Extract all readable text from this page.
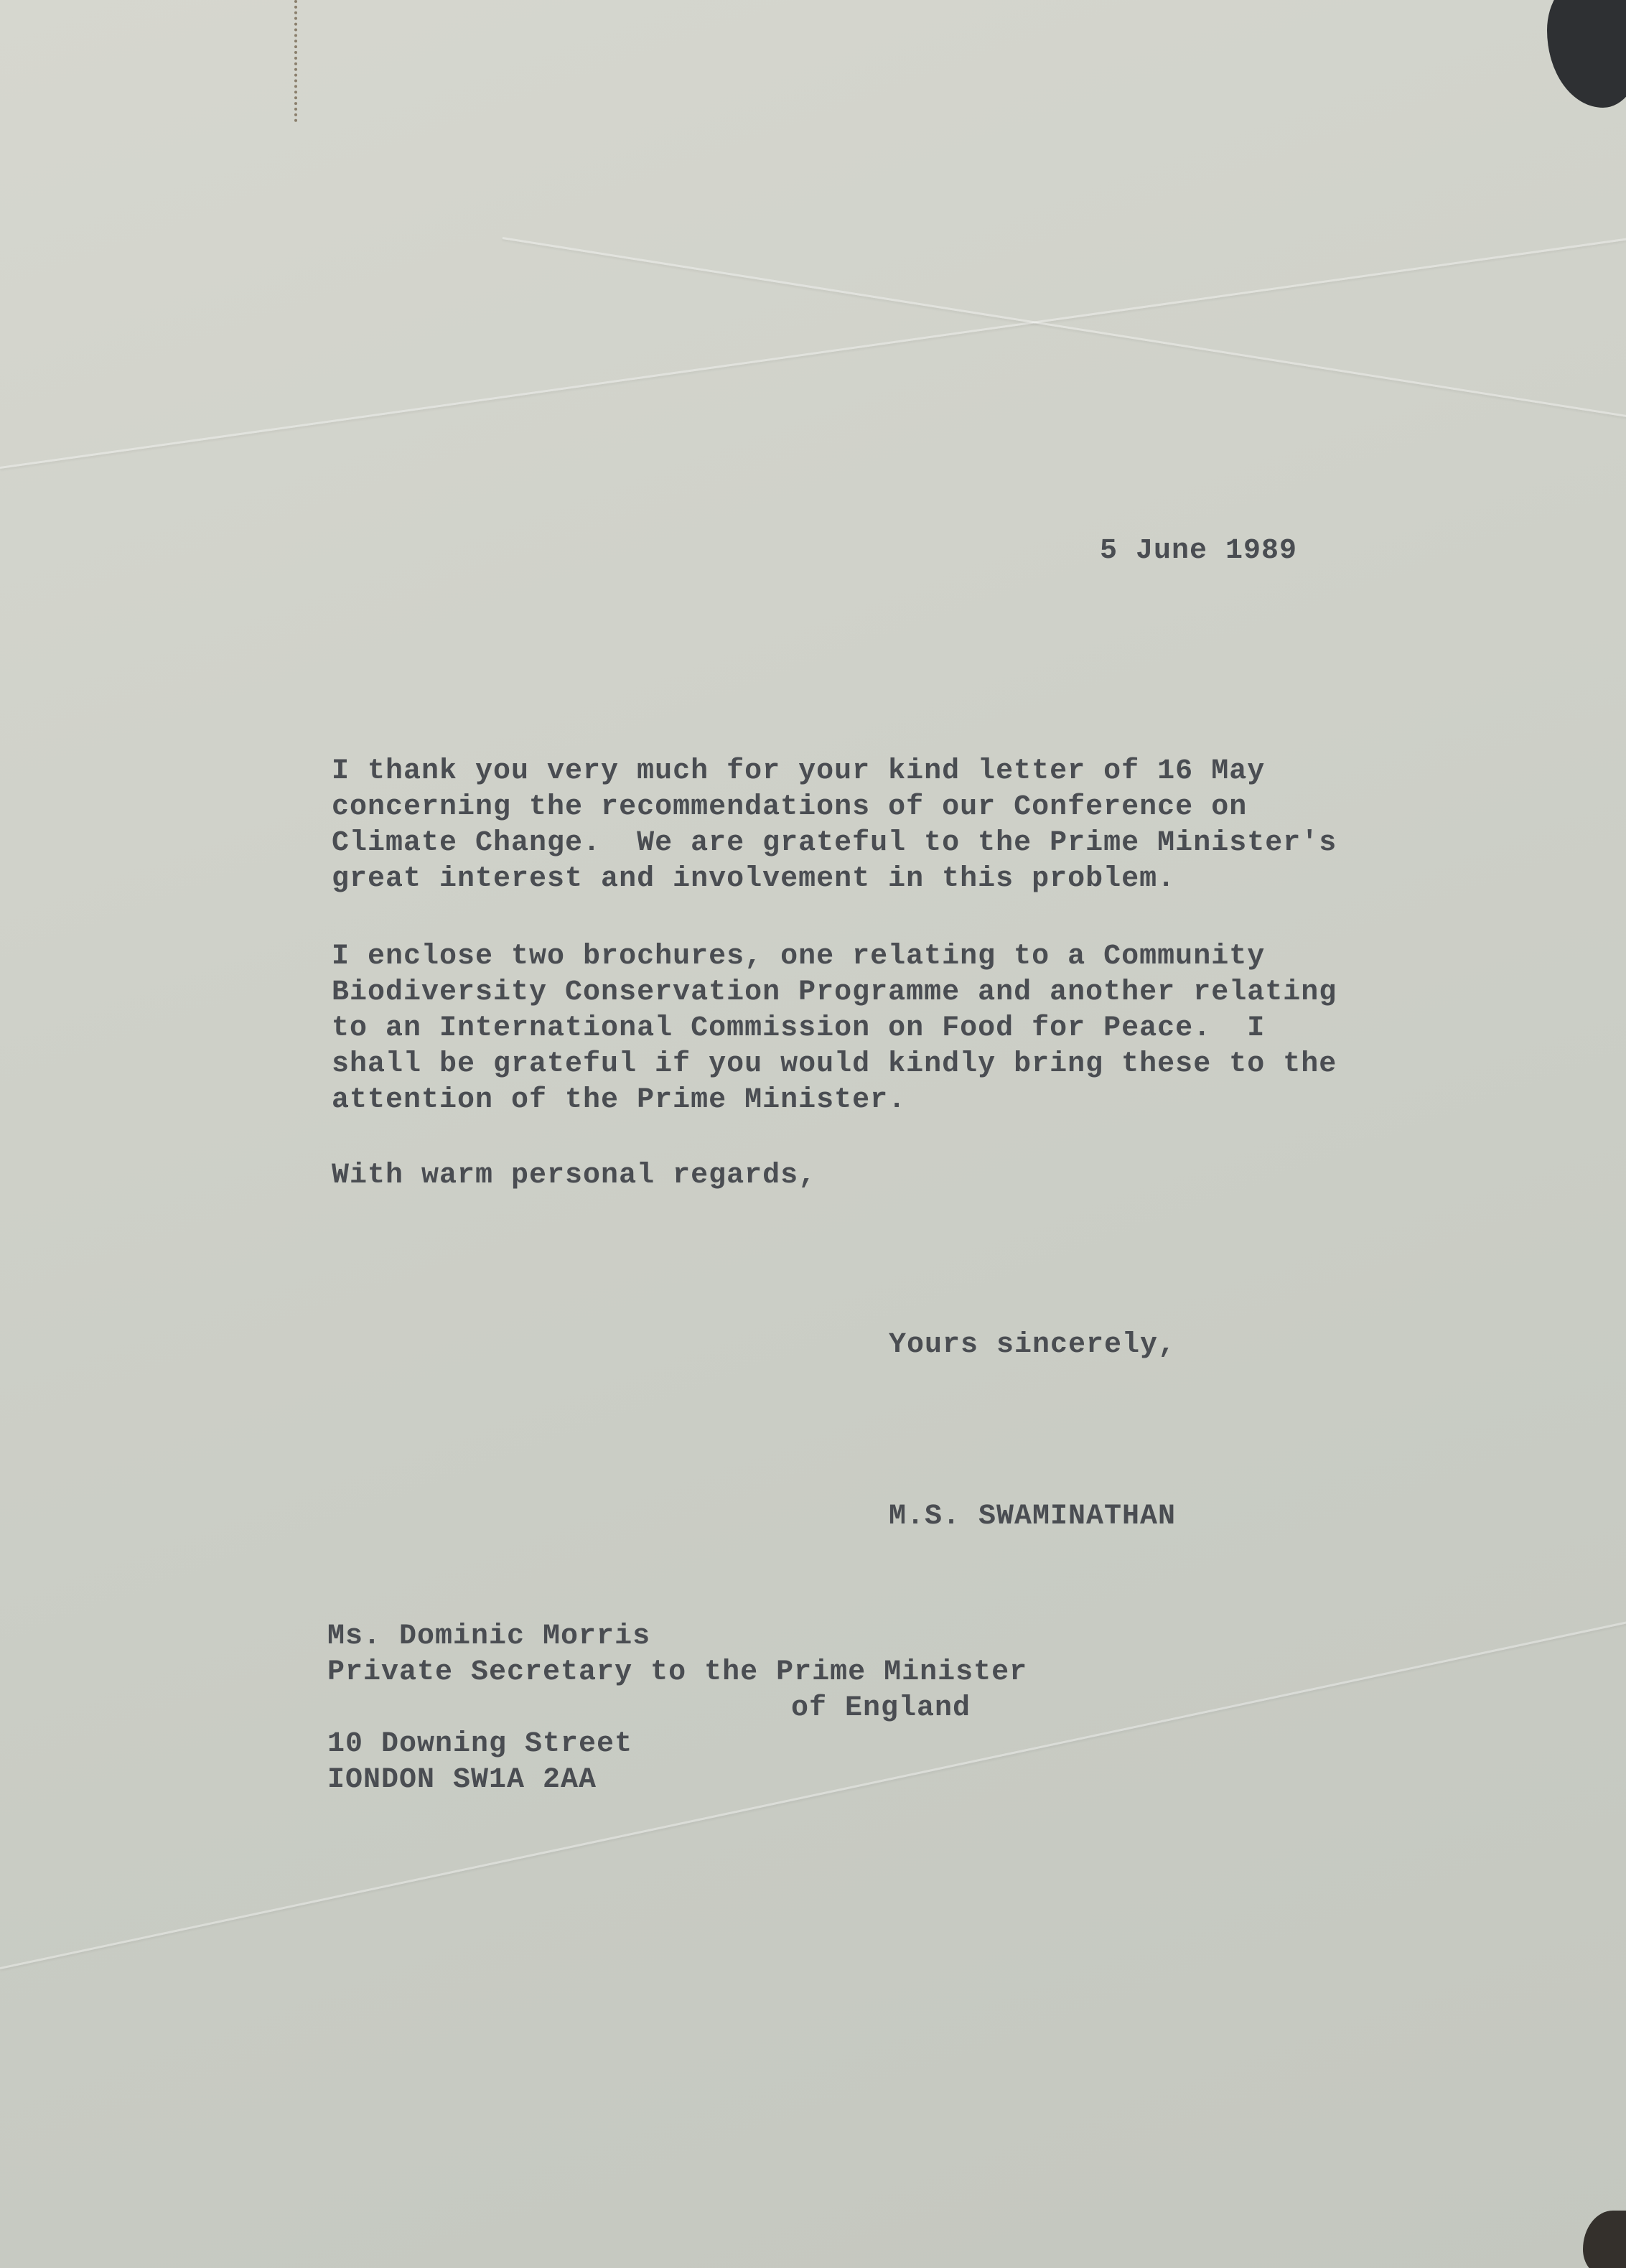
5 June 1989
I thank you very much for your kind letter of 16 May
concerning the recommendations of our Conference on
Climate Change.  We are grateful to the Prime Minister's
great interest and involvement in this problem.
I enclose two brochures, one relating to a Community
Biodiversity Conservation Programme and another relating
to an International Commission on Food for Peace.  I
shall be grateful if you would kindly bring these to the
attention of the Prime Minister.
With warm personal regards,
Yours sincerely,
M.S. SWAMINATHAN
Ms. Dominic Morris
Private Secretary to the Prime Minister
of England
10 Downing Street
IONDON SW1A 2AA
